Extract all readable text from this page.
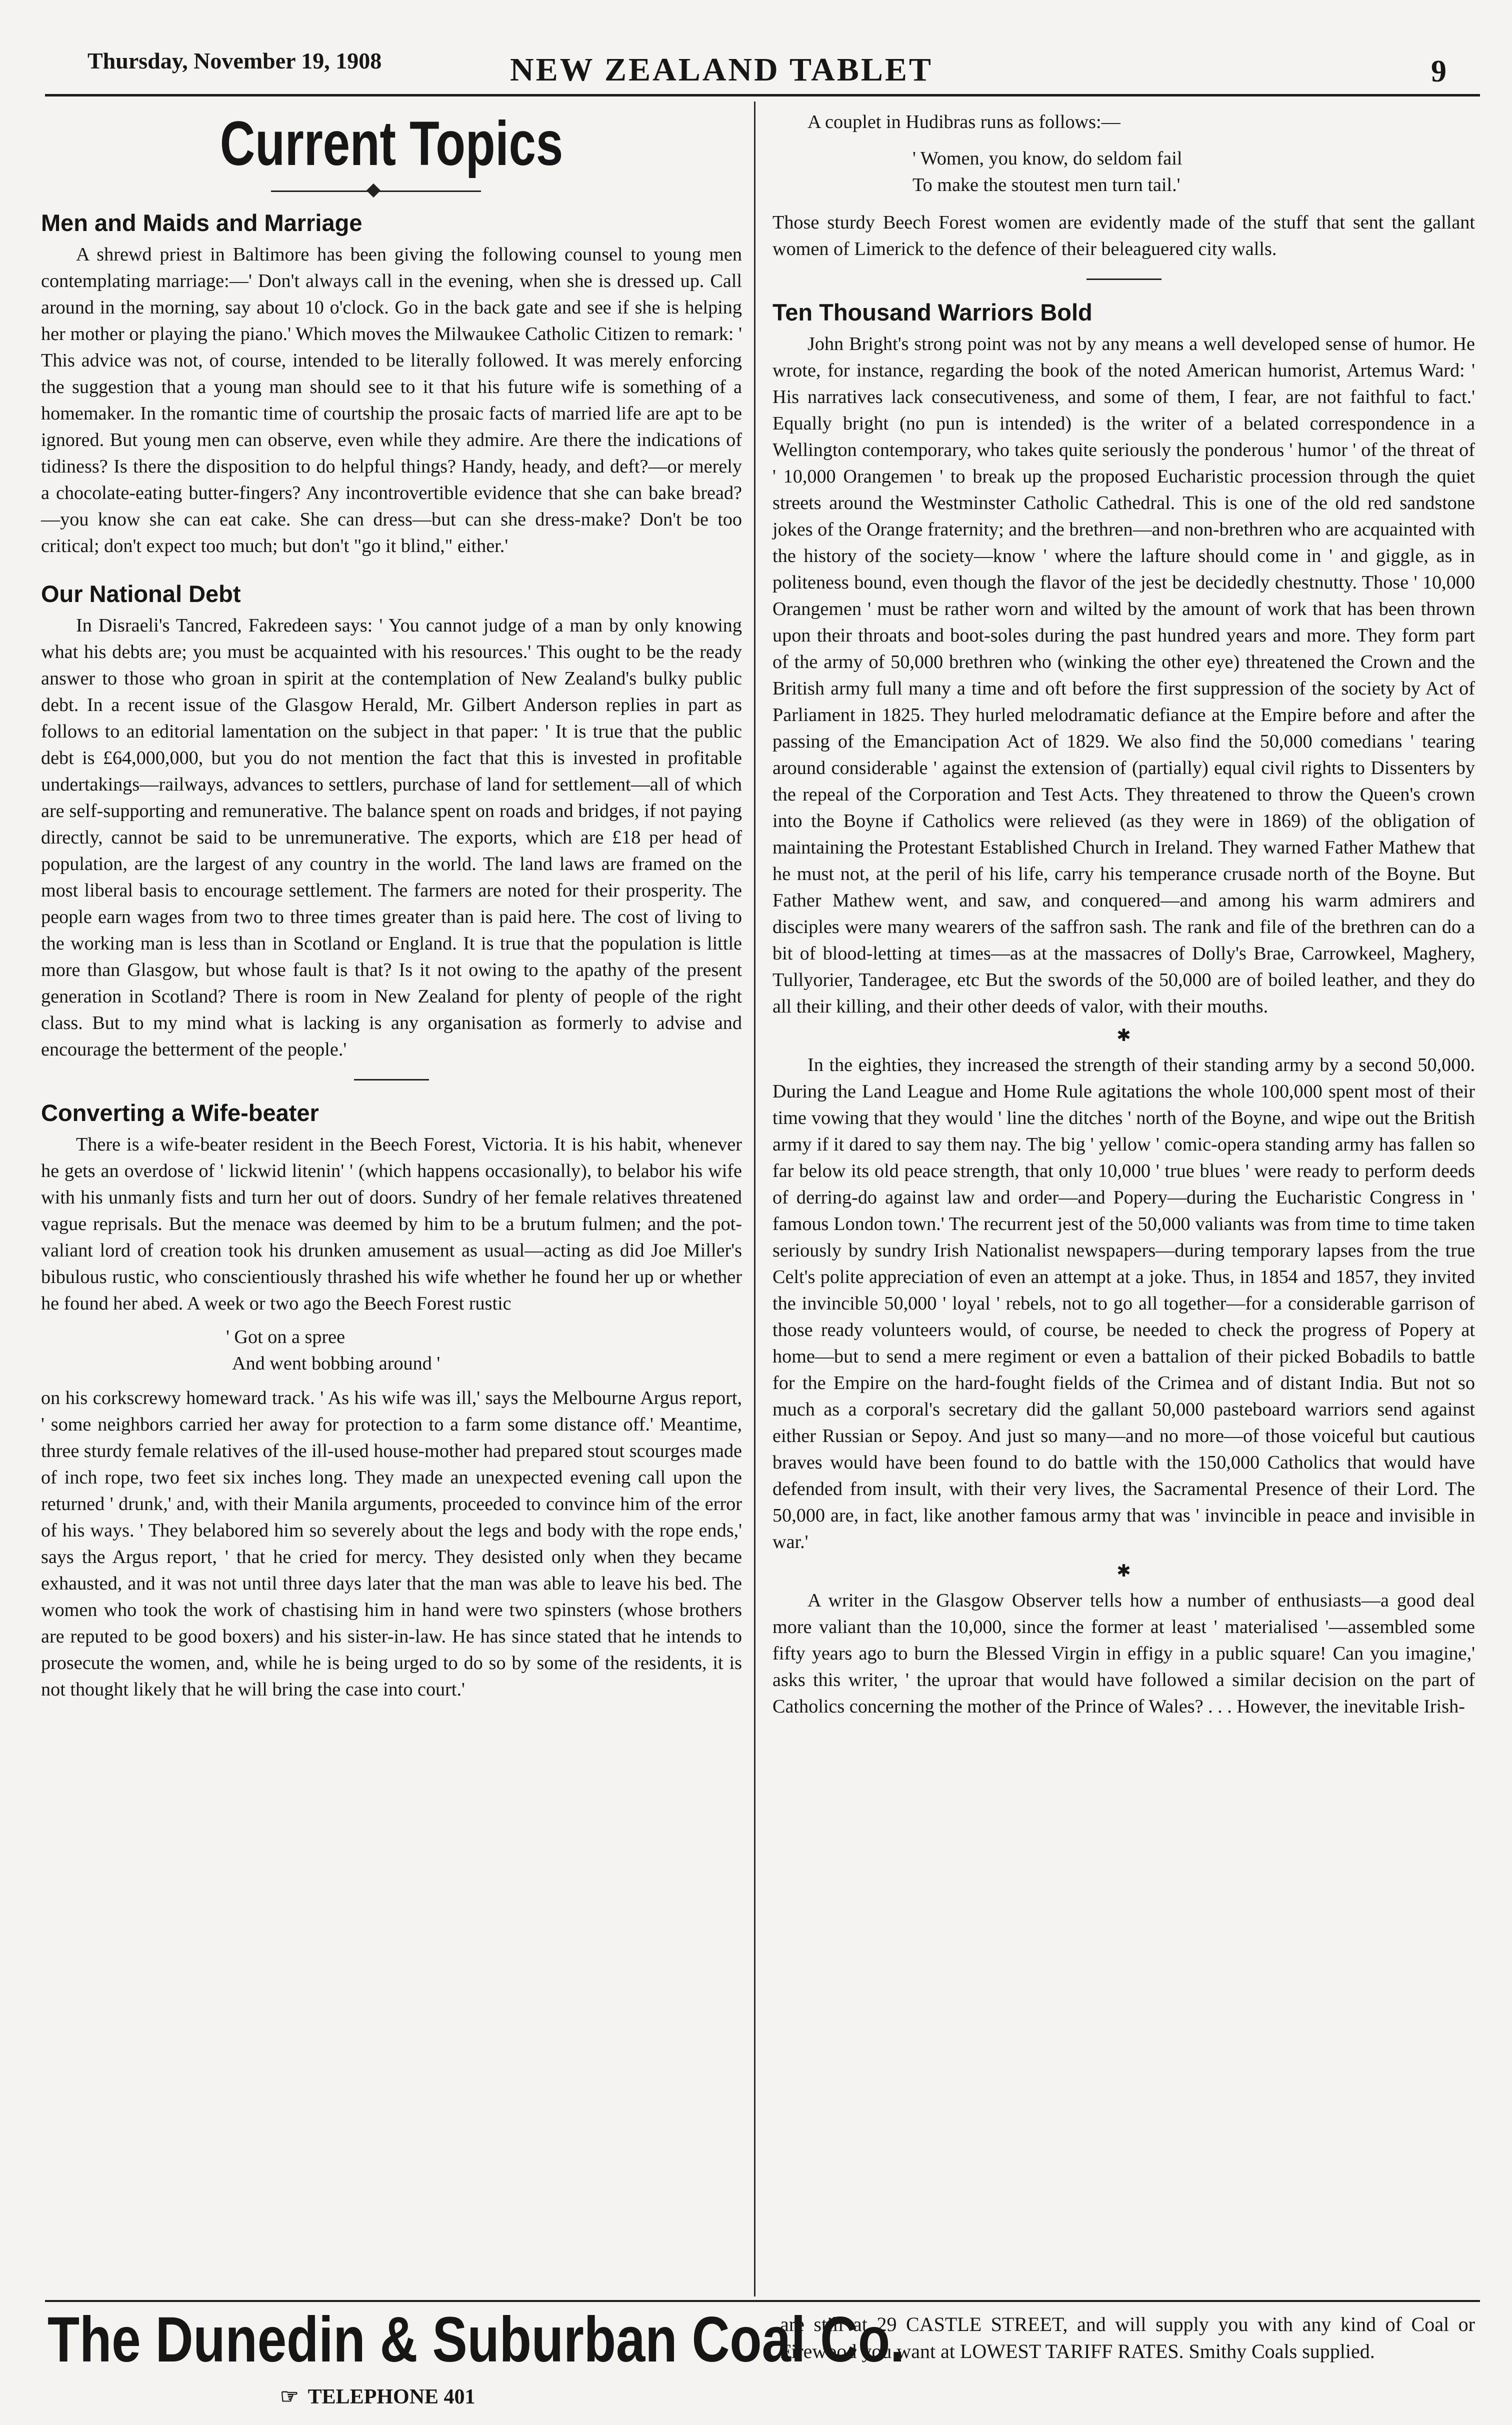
Thursday, November 19, 1908	NEW ZEALAND TABLET	9
Current Topics
Men and Maids and Marriage

A shrewd priest in Baltimore has been giving the following counsel to young men contemplating marriage:—' Don't always call in the evening, when she is dressed up. Call around in the morning, say about 10 o'clock. Go in the back gate and see if she is helping her mother or playing the piano.' Which moves the Milwaukee Catholic Citizen to remark: ' This advice was not, of course, intended to be literally followed. It was merely enforcing the suggestion that a young man should see to it that his future wife is something of a homemaker. In the romantic time of courtship the prosaic facts of married life are apt to be ignored. But young men can observe, even while they admire. Are there the indications of tidiness? Is there the disposition to do helpful things? Handy, heady, and deft?—or merely a chocolate-eating butter-fingers? Any incontrovertible evidence that she can bake bread?—you know she can eat cake. She can dress—but can she dress-make? Don't be too critical; don't expect too much; but don't "go it blind," either.'

Our National Debt

In Disraeli's Tancred, Fakredeen says: ' You cannot judge of a man by only knowing what his debts are; you must be acquainted with his resources.' This ought to be the ready answer to those who groan in spirit at the contemplation of New Zealand's bulky public debt. In a recent issue of the Glasgow Herald, Mr. Gilbert Anderson replies in part as follows to an editorial lamentation on the subject in that paper: ' It is true that the public debt is £64,000,000, but you do not mention the fact that this is invested in profitable undertakings—railways, advances to settlers, purchase of land for settlement—all of which are self-supporting and remunerative. The balance spent on roads and bridges, if not paying directly, cannot be said to be unremunerative. The exports, which are £18 per head of population, are the largest of any country in the world. The land laws are framed on the most liberal basis to encourage settlement. The farmers are noted for their prosperity. The people earn wages from two to three times greater than is paid here. The cost of living to the working man is less than in Scotland or England. It is true that the population is little more than Glasgow, but whose fault is that? Is it not owing to the apathy of the present generation in Scotland? There is room in New Zealand for plenty of people of the right class. But to my mind what is lacking is any organisation as formerly to advise and encourage the betterment of the people.'

Converting a Wife-beater

There is a wife-beater resident in the Beech Forest, Victoria. It is his habit, whenever he gets an overdose of ' lickwid litenin' ' (which happens occasionally), to belabor his wife with his unmanly fists and turn her out of doors. Sundry of her female relatives threatened vague reprisals. But the menace was deemed by him to be a brutum fulmen; and the pot-valiant lord of creation took his drunken amusement as usual—acting as did Joe Miller's bibulous rustic, who conscientiously thrashed his wife whether he found her up or whether he found her abed. A week or two ago the Beech Forest rustic

' Got on a spree
And went bobbing around '

on his corkscrewy homeward track. ' As his wife was ill,' says the Melbourne Argus report, ' some neighbors carried her away for protection to a farm some distance off.' Meantime, three sturdy female relatives of the ill-used house-mother had prepared stout scourges made of inch rope, two feet six inches long. They made an unexpected evening call upon the returned ' drunk,' and, with their Manila arguments, proceeded to convince him of the error of his ways. ' They belabored him so severely about the legs and body with the rope ends,' says the Argus report, ' that he cried for mercy. They desisted only when they became exhausted, and it was not until three days later that the man was able to leave his bed. The women who took the work of chastising him in hand were two spinsters (whose brothers are reputed to be good boxers) and his sister-in-law. He has since stated that he intends to prosecute the women, and, while he is being urged to do so by some of the residents, it is not thought likely that he will bring the case into court.'

A couplet in Hudibras runs as follows:—

' Women, you know, do seldom fail
To make the stoutest men turn tail.'

Those sturdy Beech Forest women are evidently made of the stuff that sent the gallant women of Limerick to the defence of their beleaguered city walls.

Ten Thousand Warriors Bold

John Bright's strong point was not by any means a well developed sense of humor. He wrote, for instance, regarding the book of the noted American humorist, Artemus Ward: ' His narratives lack consecutiveness, and some of them, I fear, are not faithful to fact.' Equally bright (no pun is intended) is the writer of a belated correspondence in a Wellington contemporary, who takes quite seriously the ponderous ' humor ' of the threat of ' 10,000 Orangemen ' to break up the proposed Eucharistic procession through the quiet streets around the Westminster Catholic Cathedral. This is one of the old red sandstone jokes of the Orange fraternity; and the brethren—and non-brethren who are acquainted with the history of the society—know ' where the lafture should come in ' and giggle, as in politeness bound, even though the flavor of the jest be decidedly chestnutty. Those ' 10,000 Orangemen ' must be rather worn and wilted by the amount of work that has been thrown upon their throats and boot-soles during the past hundred years and more. They form part of the army of 50,000 brethren who (winking the other eye) threatened the Crown and the British army full many a time and oft before the first suppression of the society by Act of Parliament in 1825. They hurled melodramatic defiance at the Empire before and after the passing of the Emancipation Act of 1829. We also find the 50,000 comedians ' tearing around considerable ' against the extension of (partially) equal civil rights to Dissenters by the repeal of the Corporation and Test Acts. They threatened to throw the Queen's crown into the Boyne if Catholics were relieved (as they were in 1869) of the obligation of maintaining the Protestant Established Church in Ireland. They warned Father Mathew that he must not, at the peril of his life, carry his temperance crusade north of the Boyne. But Father Mathew went, and saw, and conquered—and among his warm admirers and disciples were many wearers of the saffron sash. The rank and file of the brethren can do a bit of blood-letting at times—as at the massacres of Dolly's Brae, Carrowkeel, Maghery, Tullyorier, Tanderagee, etc But the swords of the 50,000 are of boiled leather, and they do all their killing, and their other deeds of valor, with their mouths.

✱

In the eighties, they increased the strength of their standing army by a second 50,000. During the Land League and Home Rule agitations the whole 100,000 spent most of their time vowing that they would ' line the ditches ' north of the Boyne, and wipe out the British army if it dared to say them nay. The big ' yellow ' comic-opera standing army has fallen so far below its old peace strength, that only 10,000 ' true blues ' were ready to perform deeds of derring-do against law and order—and Popery—during the Eucharistic Congress in ' famous London town.' The recurrent jest of the 50,000 valiants was from time to time taken seriously by sundry Irish Nationalist newspapers—during temporary lapses from the true Celt's polite appreciation of even an attempt at a joke. Thus, in 1854 and 1857, they invited the invincible 50,000 ' loyal ' rebels, not to go all together—for a considerable garrison of those ready volunteers would, of course, be needed to check the progress of Popery at home—but to send a mere regiment or even a battalion of their picked Bobadils to battle for the Empire on the hard-fought fields of the Crimea and of distant India. But not so much as a corporal's secretary did the gallant 50,000 pasteboard warriors send against either Russian or Sepoy. And just so many—and no more—of those voiceful but cautious braves would have been found to do battle with the 150,000 Catholics that would have defended from insult, with their very lives, the Sacramental Presence of their Lord. The 50,000 are, in fact, like another famous army that was ' invincible in peace and invisible in war.'

✱

A writer in the Glasgow Observer tells how a number of enthusiasts—a good deal more valiant than the 10,000, since the former at least ' materialised '—assembled some fifty years ago to burn the Blessed Virgin in effigy in a public square! Can you imagine,' asks this writer, ' the uproar that would have followed a similar decision on the part of Catholics concerning the mother of the Prince of Wales? . . . However, the inevitable Irish-

The Dunedin & Suburban Coal Co.
☞ TELEPHONE 401
are still at 29 CASTLE STREET, and will supply you with any kind of Coal or Firewood you want at LOWEST TARIFF RATES. Smithy Coals supplied.
